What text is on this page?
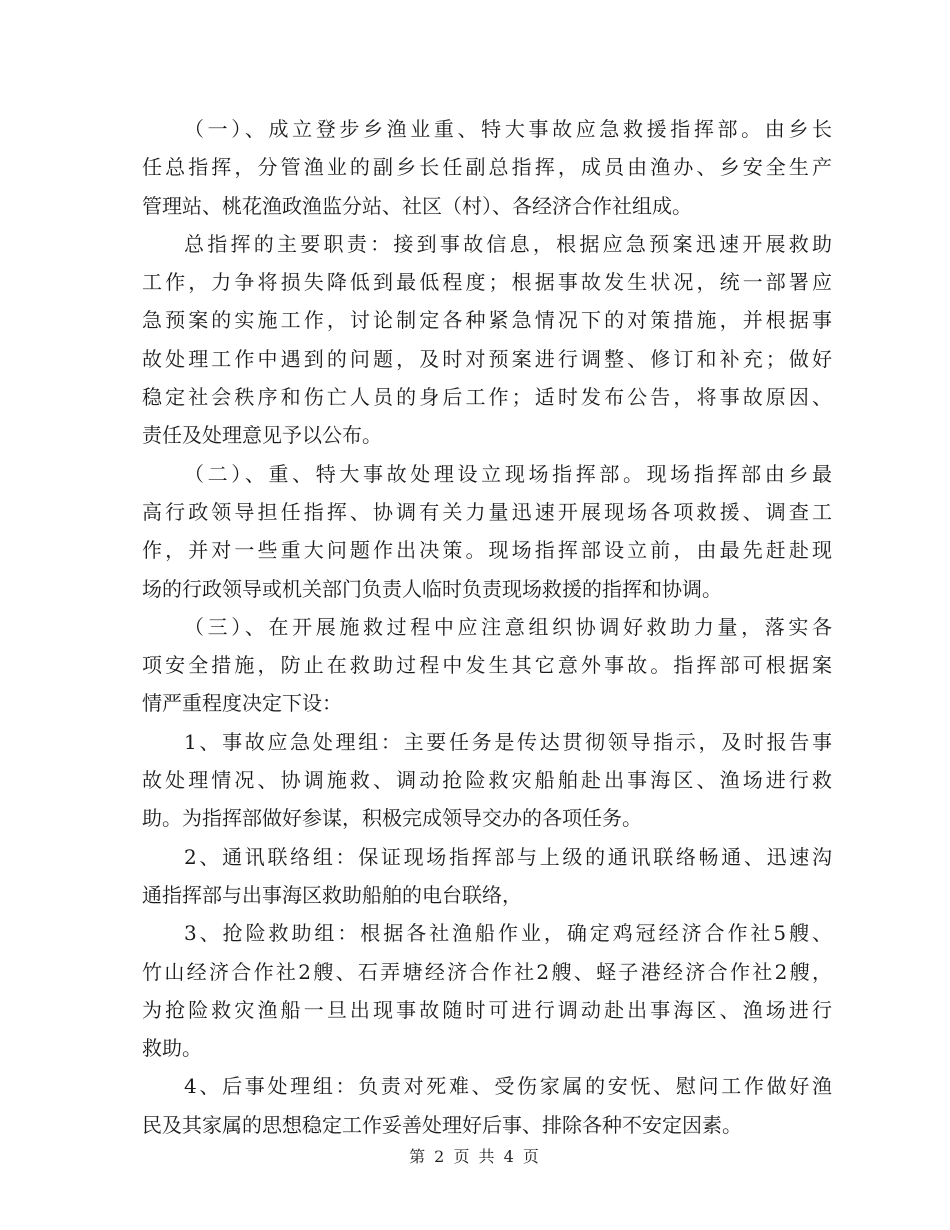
（一）、成立登步乡渔业重、特大事故应急救援指挥部。由乡长
任总指挥，分管渔业的副乡长任副总指挥，成员由渔办、乡安全生产
管理站、桃花渔政渔监分站、社区（村）、各经济合作社组成。

总指挥的主要职责：接到事故信息，根据应急预案迅速开展救助
工作，力争将损失降低到最低程度；根据事故发生状况，统一部署应
急预案的实施工作，讨论制定各种紧急情况下的对策措施，并根据事
故处理工作中遇到的问题，及时对预案进行调整、修订和补充；做好
稳定社会秩序和伤亡人员的身后工作；适时发布公告，将事故原因、
责任及处理意见予以公布。

（二）、重、特大事故处理设立现场指挥部。现场指挥部由乡最
高行政领导担任指挥、协调有关力量迅速开展现场各项救援、调查工
作，并对一些重大问题作出决策。现场指挥部设立前，由最先赶赴现
场的行政领导或机关部门负责人临时负责现场救援的指挥和协调。

（三）、在开展施救过程中应注意组织协调好救助力量，落实各
项安全措施，防止在救助过程中发生其它意外事故。指挥部可根据案
情严重程度决定下设：

1、事故应急处理组：主要任务是传达贯彻领导指示，及时报告事
故处理情况、协调施救、调动抢险救灾船舶赴出事海区、渔场进行救
助。为指挥部做好参谋，积极完成领导交办的各项任务。

2、通讯联络组：保证现场指挥部与上级的通讯联络畅通、迅速沟
通指挥部与出事海区救助船舶的电台联络，

3、抢险救助组：根据各社渔船作业，确定鸡冠经济合作社5艘、
竹山经济合作社2艘、石弄塘经济合作社2艘、蛏子港经济合作社2艘，
为抢险救灾渔船一旦出现事故随时可进行调动赴出事海区、渔场进行
救助。

4、后事处理组：负责对死难、受伤家属的安怃、慰问工作做好渔
民及其家属的思想稳定工作妥善处理好后事、排除各种不安定因素。

第 2 页 共 4 页
